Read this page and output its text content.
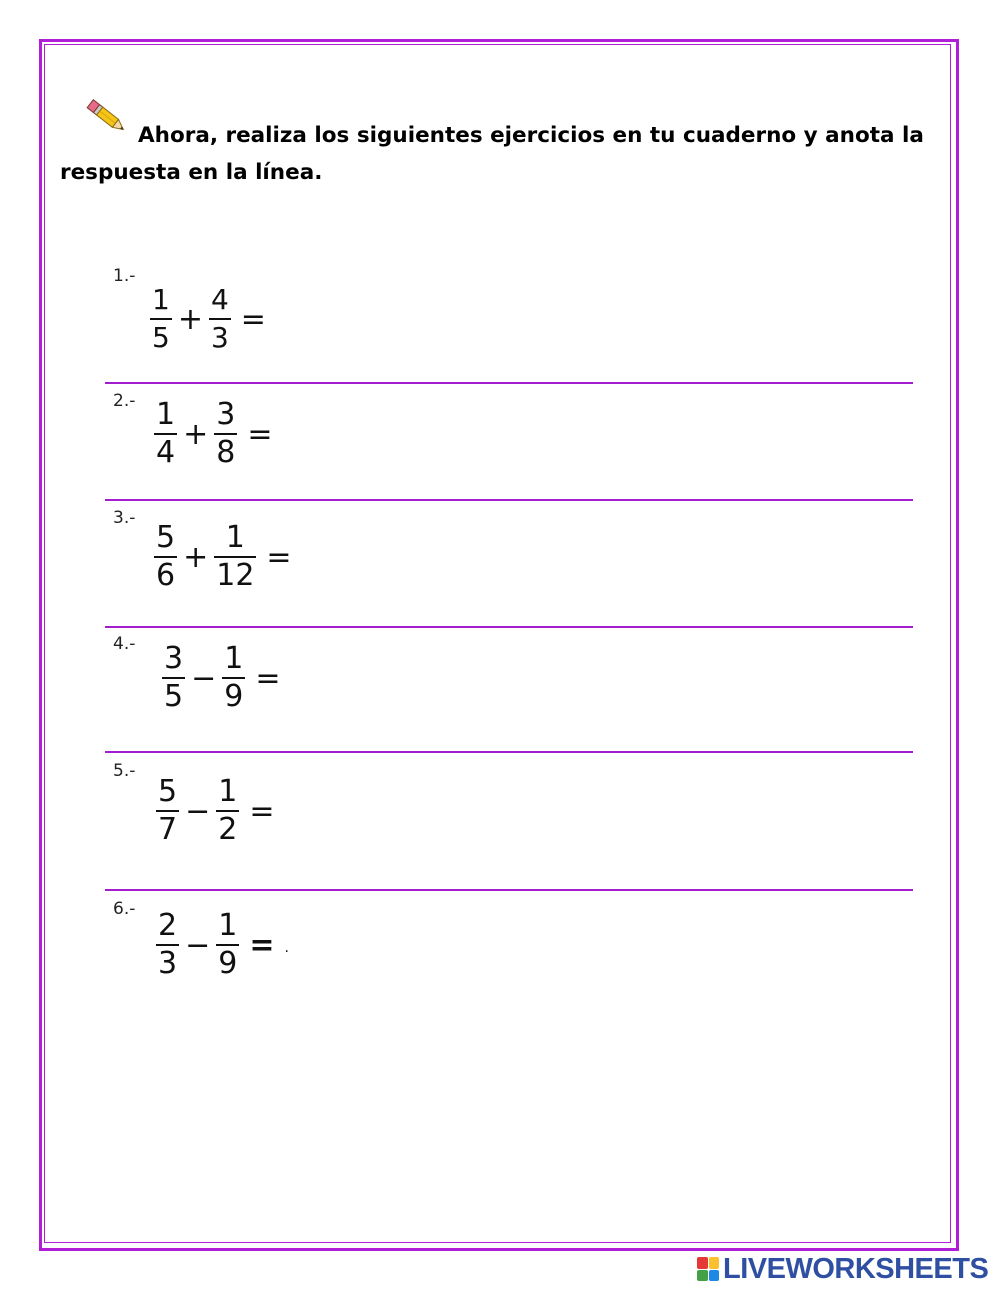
Ahora, realiza los siguientes ejercicios en tu cuaderno y anota la respuesta en la línea.
1.-
$\frac{1}{5} + \frac{4}{3}$ =
$2.- \frac{1}{4} + \frac{3}{8}$ =
3.-
$\frac{5}{6} + \frac{1}{12}$ =
$4.- \frac{3}{5} - \frac{1}{9}$ =
5.-
$\frac{5}{7} - \frac{1}{2}$ =
$6.- \frac{2}{3} - \frac{1}{9}$ = .
LIVEWORKSHEETS
